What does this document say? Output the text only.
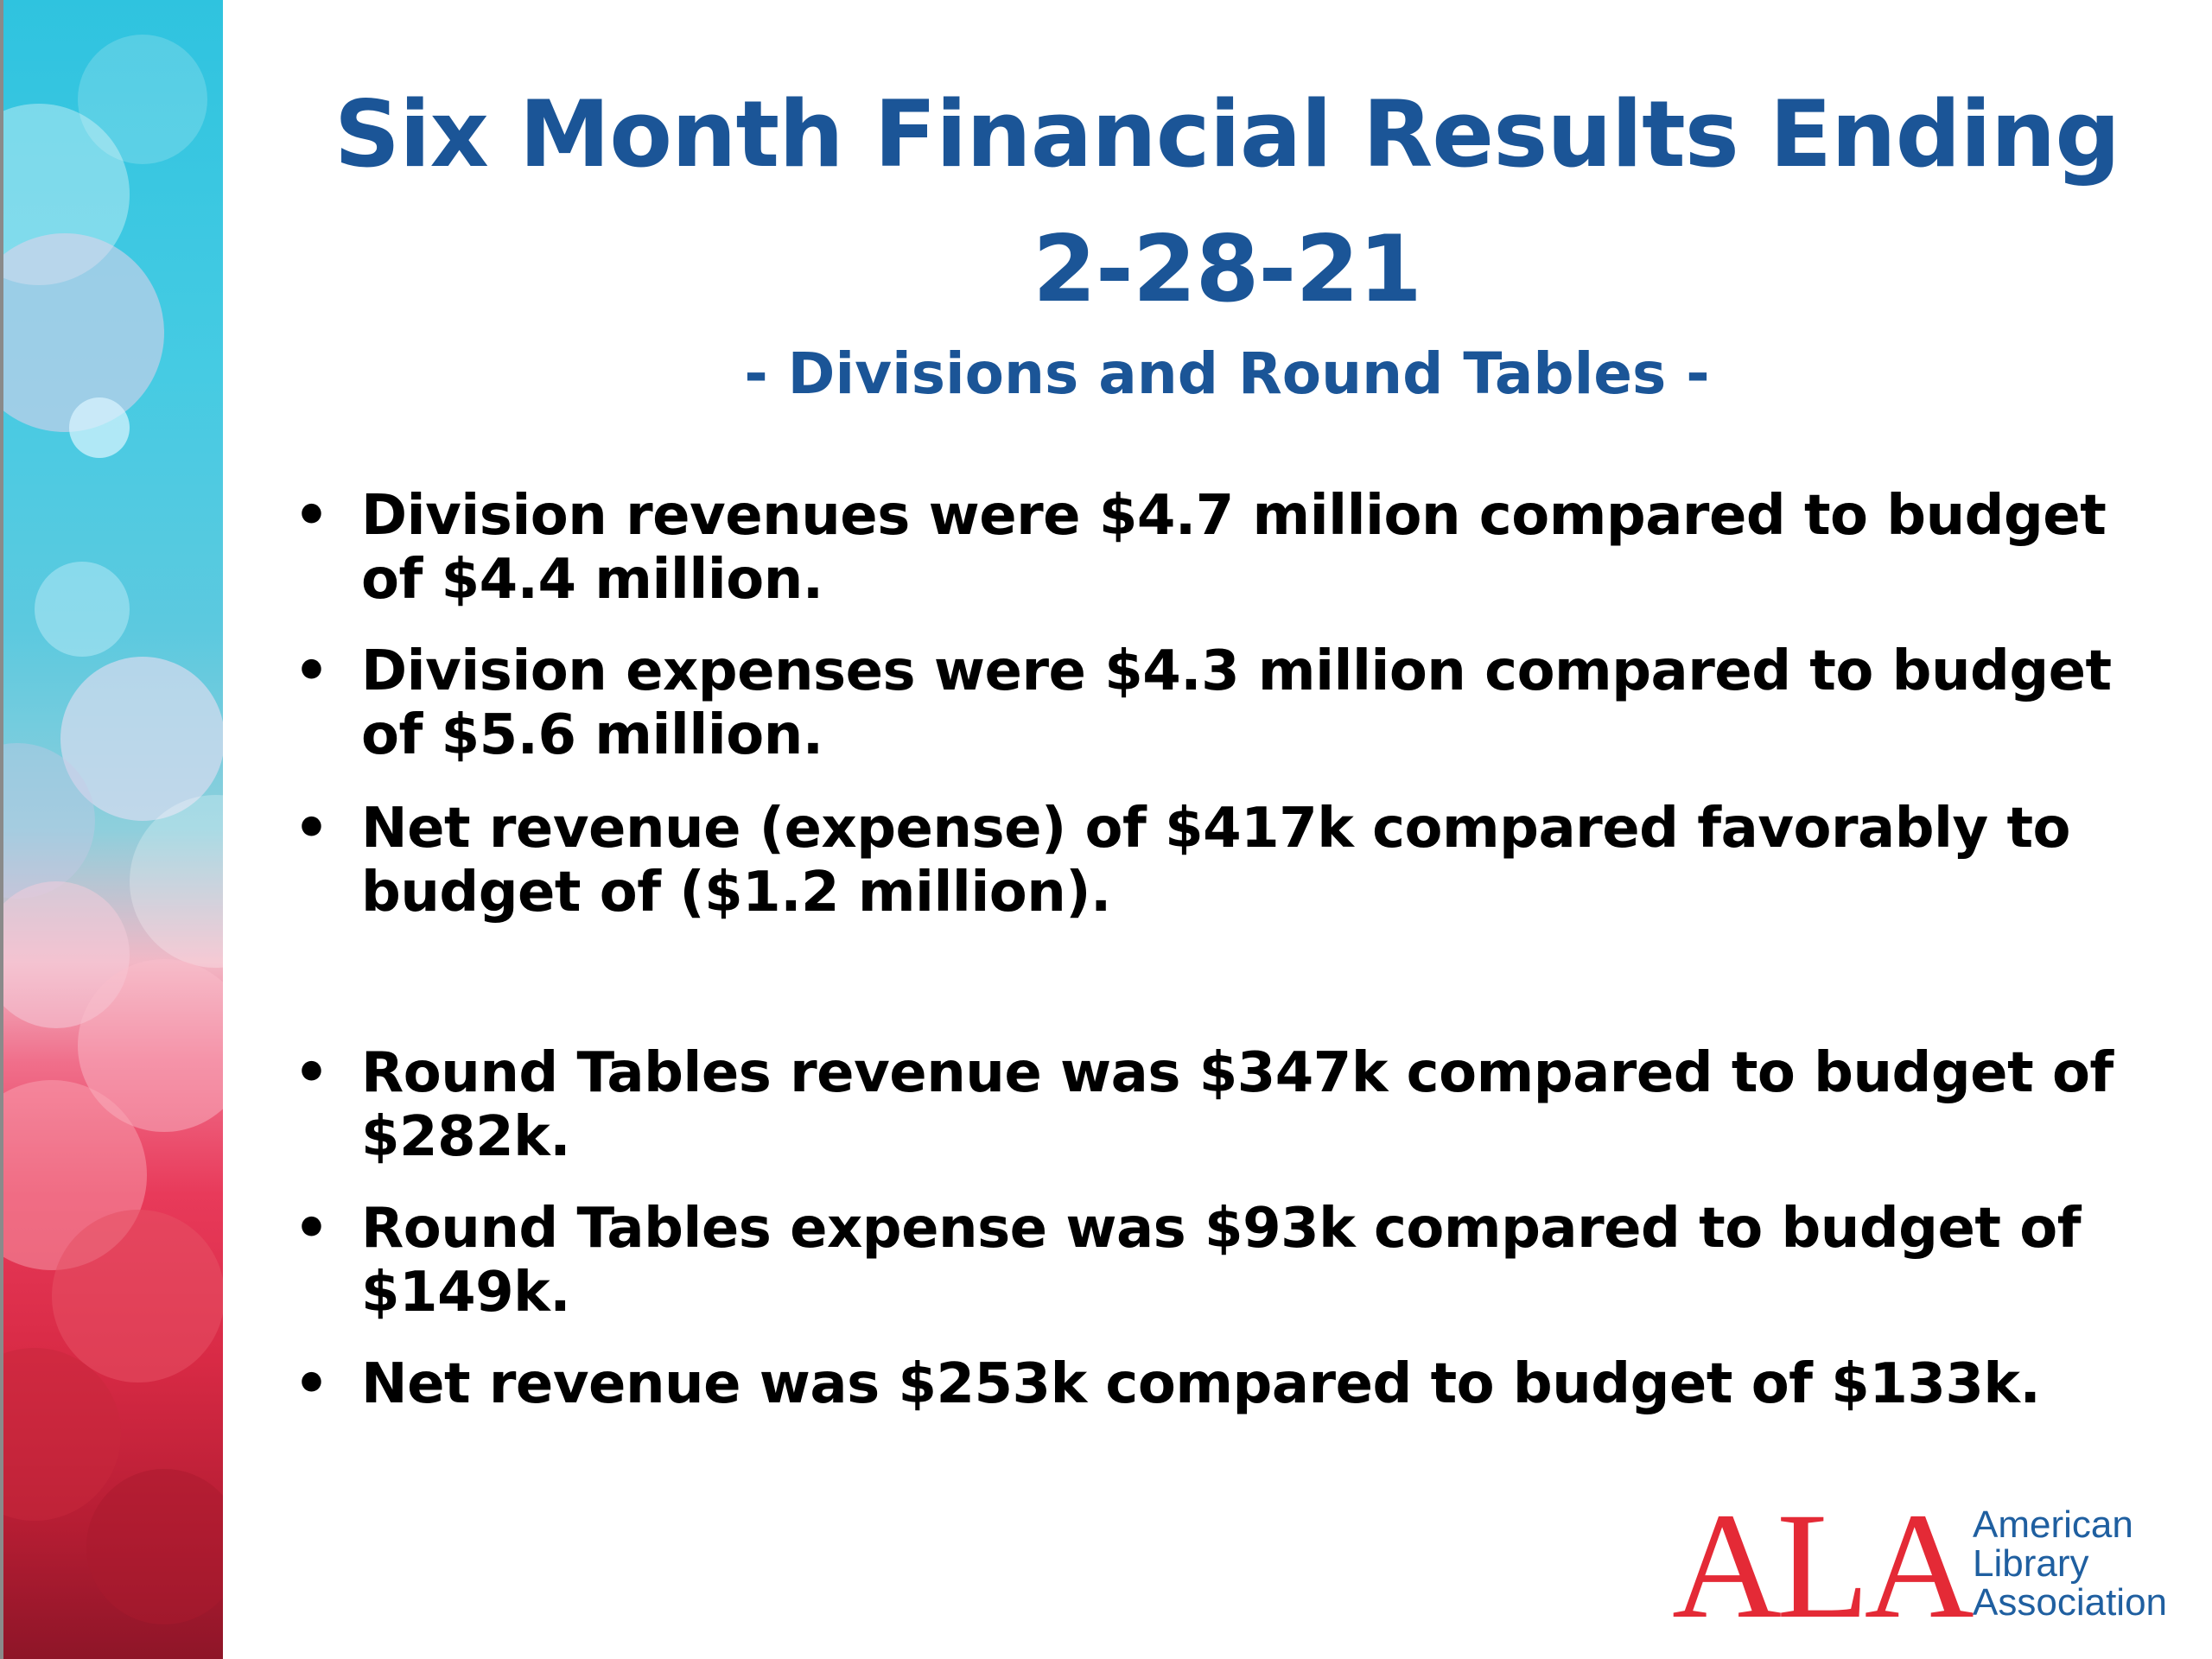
Six Month Financial Results Ending
2-28-21
- Divisions and Round Tables -
• Division revenues were $4.7 million compared to budget
of $4.4 million.
• Division expenses were $4.3 million compared to budget
of $5.6 million.
• Net revenue (expense) of $417k compared favorably to
budget of ($1.2 million).
• Round Tables revenue was $347k compared to budget of
$282k.
• Round Tables expense was $93k compared to budget of
$149k.
• Net revenue was $253k compared to budget of $133k.
ALA American
Library
Association
